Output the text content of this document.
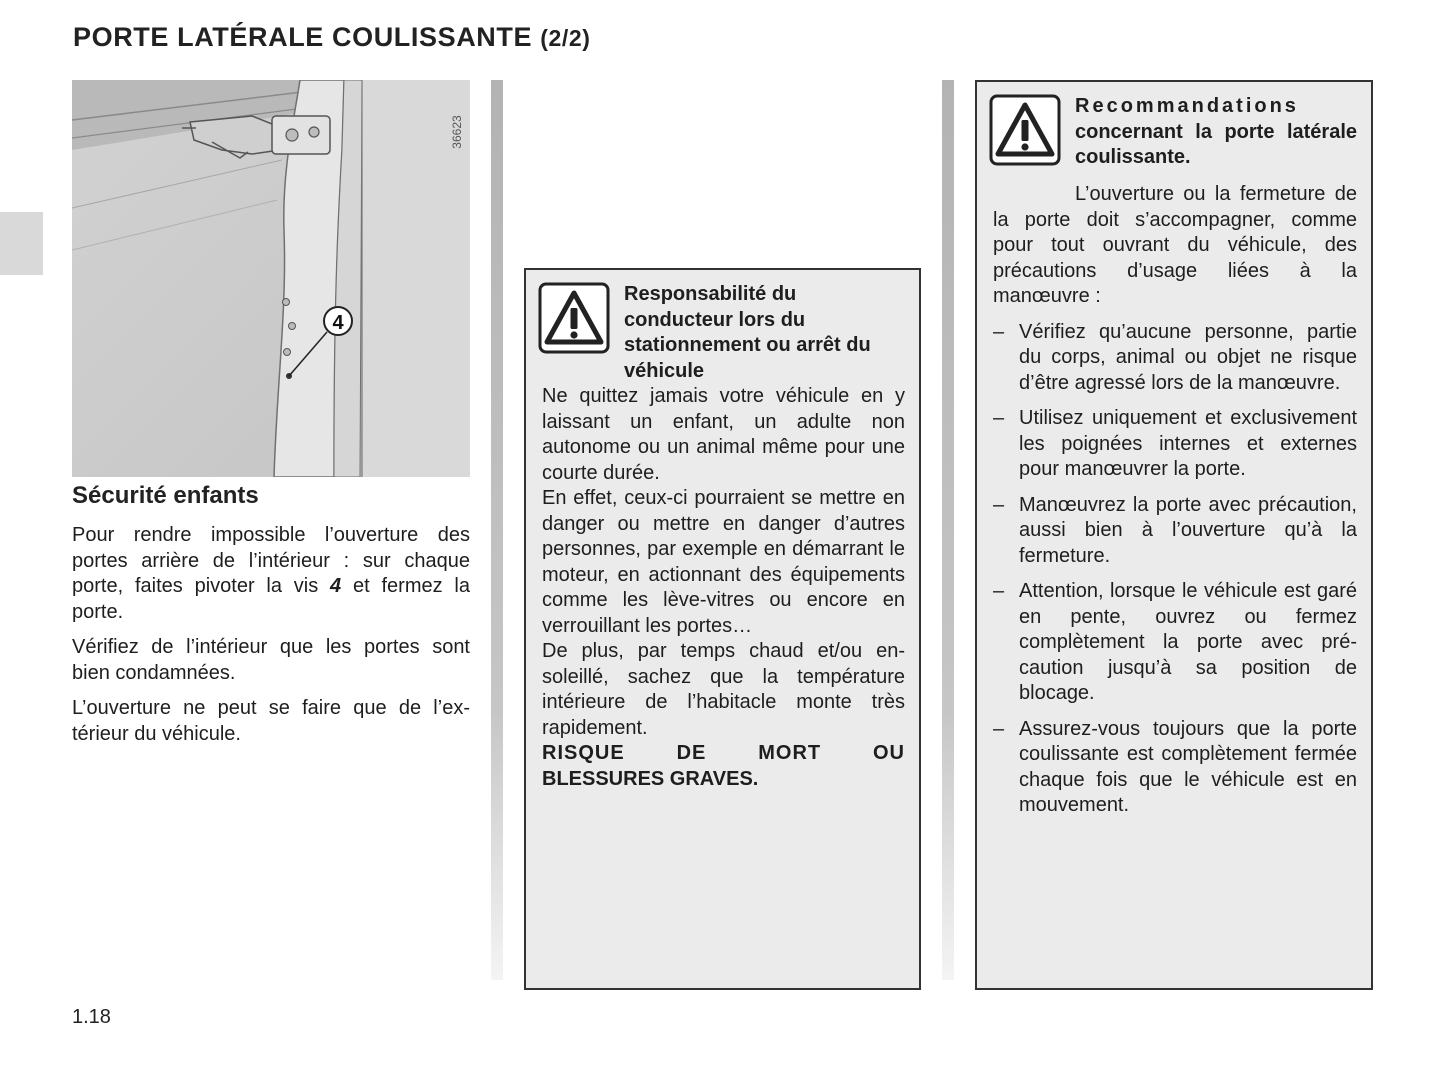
PORTE LATÉRALE COULISSANTE (2/2)
4
36623
Sécurité enfants

Pour rendre impossible l’ouverture des portes arrière de l’intérieur : sur chaque porte, faites pivoter la vis 4 et fermez la porte.

Vérifiez de l’intérieur que les portes sont bien condamnées.

L’ouverture ne peut se faire que de l’extérieur du véhicule.

1.18
Responsabilité du conducteur lors du stationnement ou arrêt du véhicule

Ne quittez jamais votre véhicule en y laissant un enfant, un adulte non autonome ou un animal même pour une courte durée.

En effet, ceux-ci pourraient se mettre en danger ou mettre en danger d’autres personnes, par exemple en démarrant le moteur, en actionnant des équipements comme les lève-vitres ou encore en verrouillant les portes…

De plus, par temps chaud et/ou ensoleillé, sachez que la température intérieure de l’habitacle monte très rapidement.

RISQUE DE MORT OU

BLESSURES GRAVES.

Recommandations
concernant la porte latérale coulissante.

L’ouverture ou la fermeture de la porte doit s’accompagner, comme pour tout ouvrant du véhicule, des précautions d’usage liées à la manœuvre :

– Vérifiez qu’aucune personne, partie du corps, animal ou objet ne risque d’être agressé lors de la manœuvre.
– Utilisez uniquement et exclusivement les poignées internes et externes pour manœuvrer la porte.
– Manœuvrez la porte avec précaution, aussi bien à l’ouverture qu’à la fermeture.
– Attention, lorsque le véhicule est garé en pente, ouvrez ou fermez complètement la porte avec précaution jusqu’à sa position de blocage.
– Assurez-vous toujours que la porte coulissante est complètement fermée chaque fois que le véhicule est en mouvement.
